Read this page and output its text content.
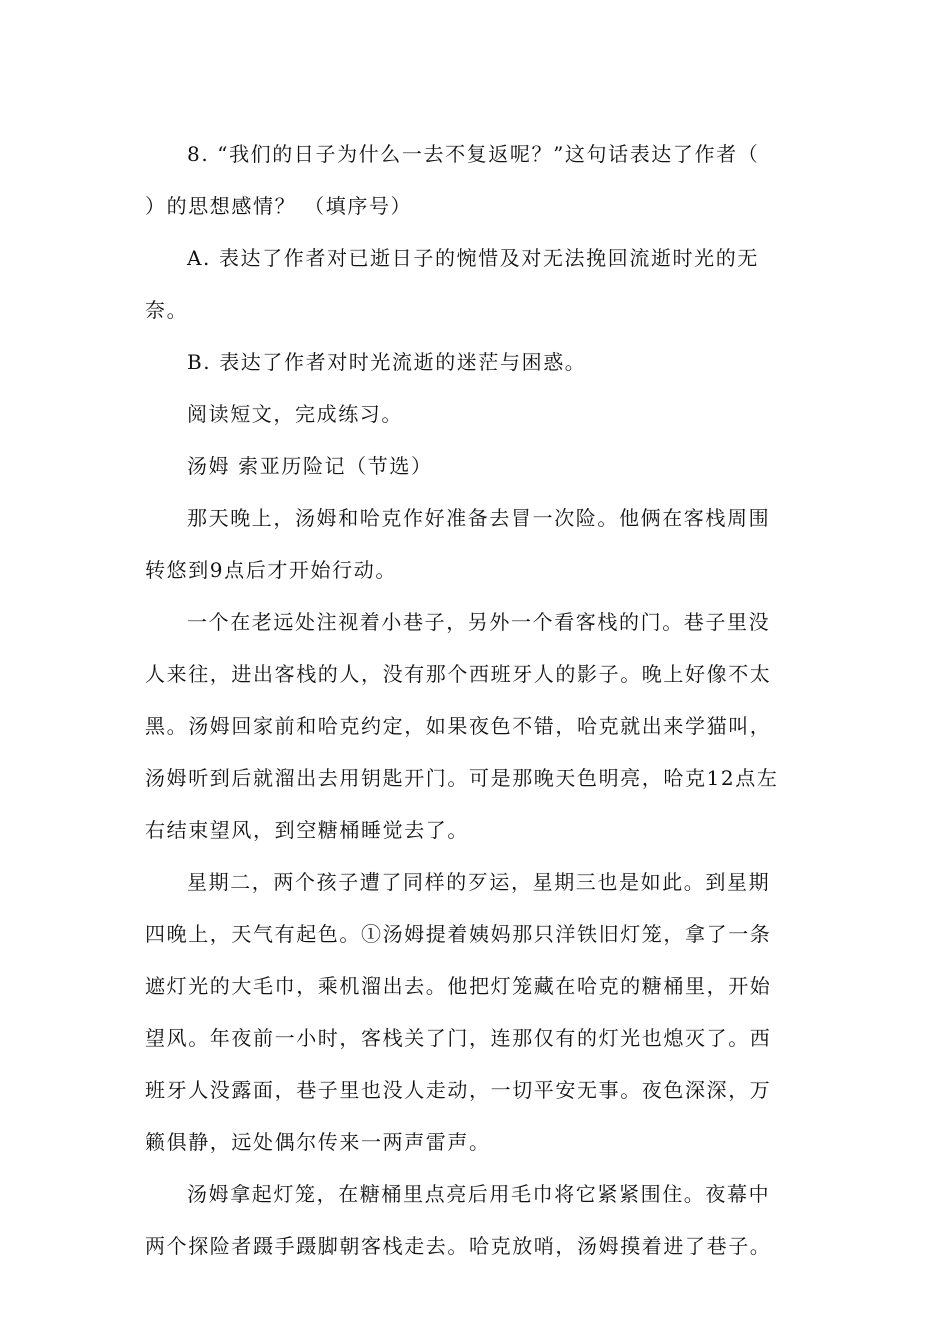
8. “我们的日子为什么一去不复返呢？”这句话表达了作者（
）的思想感情？ （填序号）
A. 表达了作者对已逝日子的惋惜及对无法挽回流逝时光的无
奈。
B. 表达了作者对时光流逝的迷茫与困惑。
阅读短文，完成练习。
汤姆 索亚历险记（节选）
那天晚上，汤姆和哈克作好准备去冒一次险。他俩在客栈周围
转悠到9点后才开始行动。
一个在老远处注视着小巷子，另外一个看客栈的门。巷子里没
人来往，进出客栈的人，没有那个西班牙人的影子。晚上好像不太
黑。汤姆回家前和哈克约定，如果夜色不错，哈克就出来学猫叫，
汤姆听到后就溜出去用钥匙开门。可是那晚天色明亮，哈克12点左
右结束望风，到空糖桶睡觉去了。
星期二，两个孩子遭了同样的歹运，星期三也是如此。到星期
四晚上，天气有起色。①汤姆提着姨妈那只洋铁旧灯笼，拿了一条
遮灯光的大毛巾，乘机溜出去。他把灯笼藏在哈克的糖桶里，开始
望风。年夜前一小时，客栈关了门，连那仅有的灯光也熄灭了。西
班牙人没露面，巷子里也没人走动，一切平安无事。夜色深深，万
籁俱静，远处偶尔传来一两声雷声。
汤姆拿起灯笼，在糖桶里点亮后用毛巾将它紧紧围住。夜幕中
两个探险者蹑手蹑脚朝客栈走去。哈克放哨，汤姆摸着进了巷子。
